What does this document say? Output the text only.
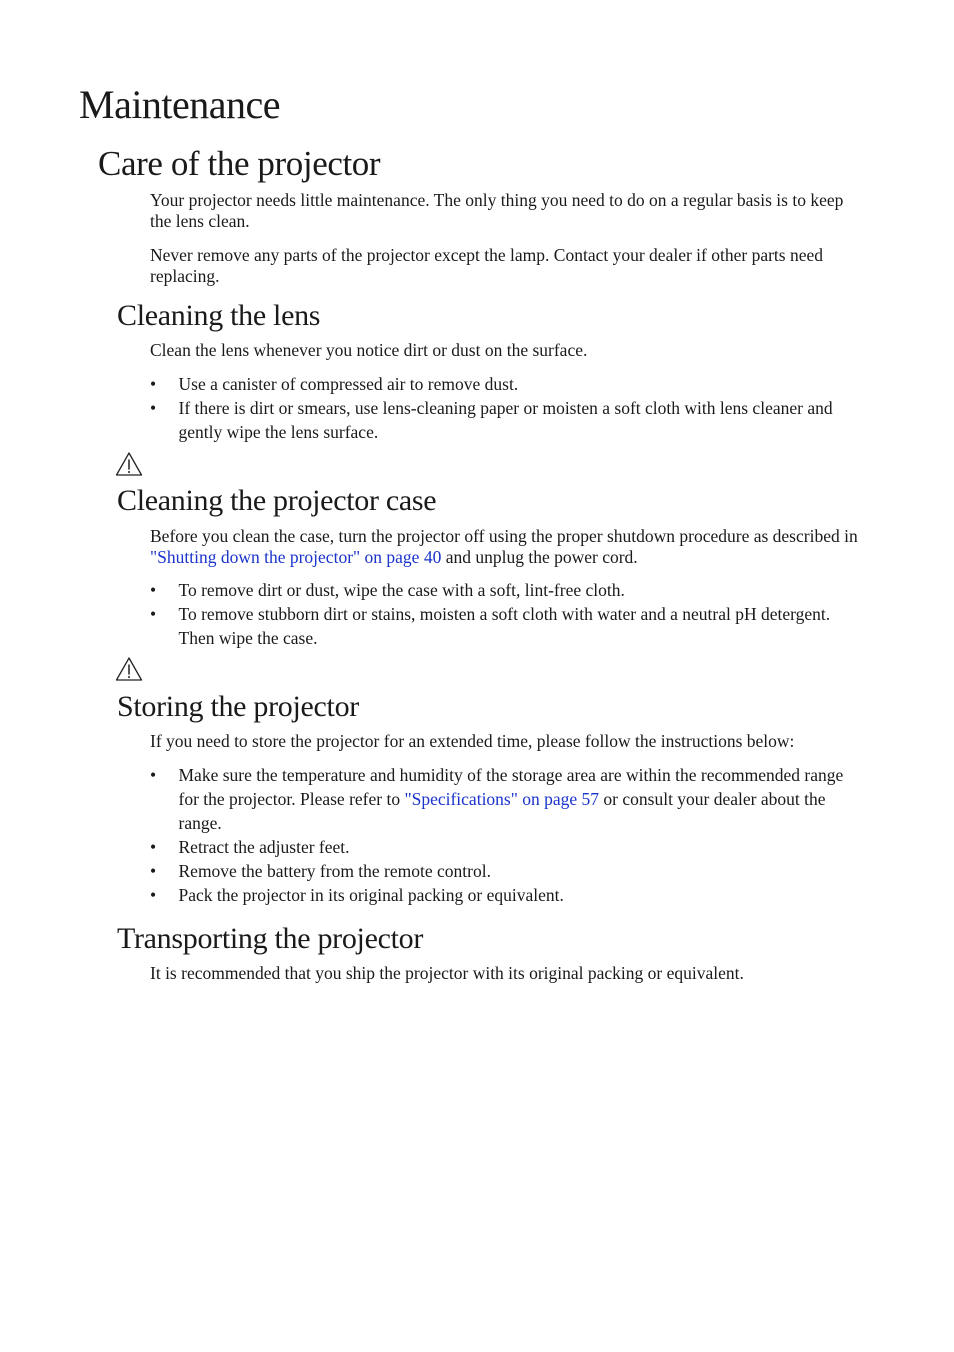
Maintenance
Care of the projector

Your projector needs little maintenance. The only thing you need to do on a regular basis is to keep the lens clean.

Never remove any parts of the projector except the lamp. Contact your dealer if other parts need replacing.

Cleaning the lens

Clean the lens whenever you notice dirt or dust on the surface.

• Use a canister of compressed air to remove dust.
• If there is dirt or smears, use lens-cleaning paper or moisten a soft cloth with lens cleaner and gently wipe the lens surface.
Cleaning the projector case

Before you clean the case, turn the projector off using the proper shutdown procedure as described in "Shutting down the projector" on page 40 and unplug the power cord.

• To remove dirt or dust, wipe the case with a soft, lint-free cloth.
• To remove stubborn dirt or stains, moisten a soft cloth with water and a neutral pH detergent. Then wipe the case.
Storing the projector

If you need to store the projector for an extended time, please follow the instructions below:

• Make sure the temperature and humidity of the storage area are within the recommended range for the projector. Please refer to "Specifications" on page 57 or consult your dealer about the range.
• Retract the adjuster feet.
• Remove the battery from the remote control.
• Pack the projector in its original packing or equivalent.
Transporting the projector

It is recommended that you ship the projector with its original packing or equivalent.
